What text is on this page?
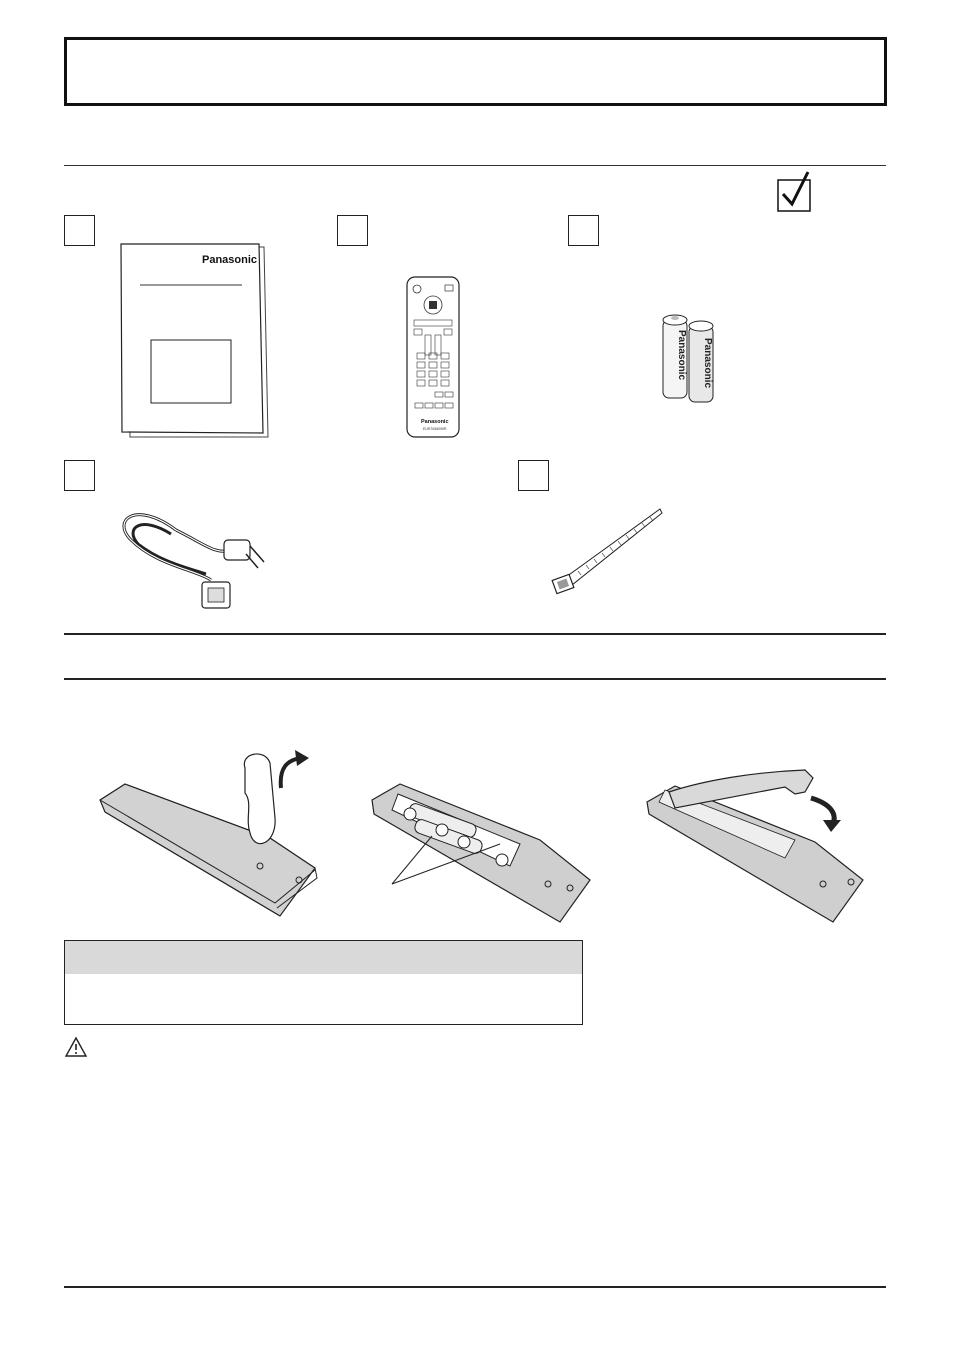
Panasonic
Panasonic
EUR7636090R
Panasonic Panasonic
